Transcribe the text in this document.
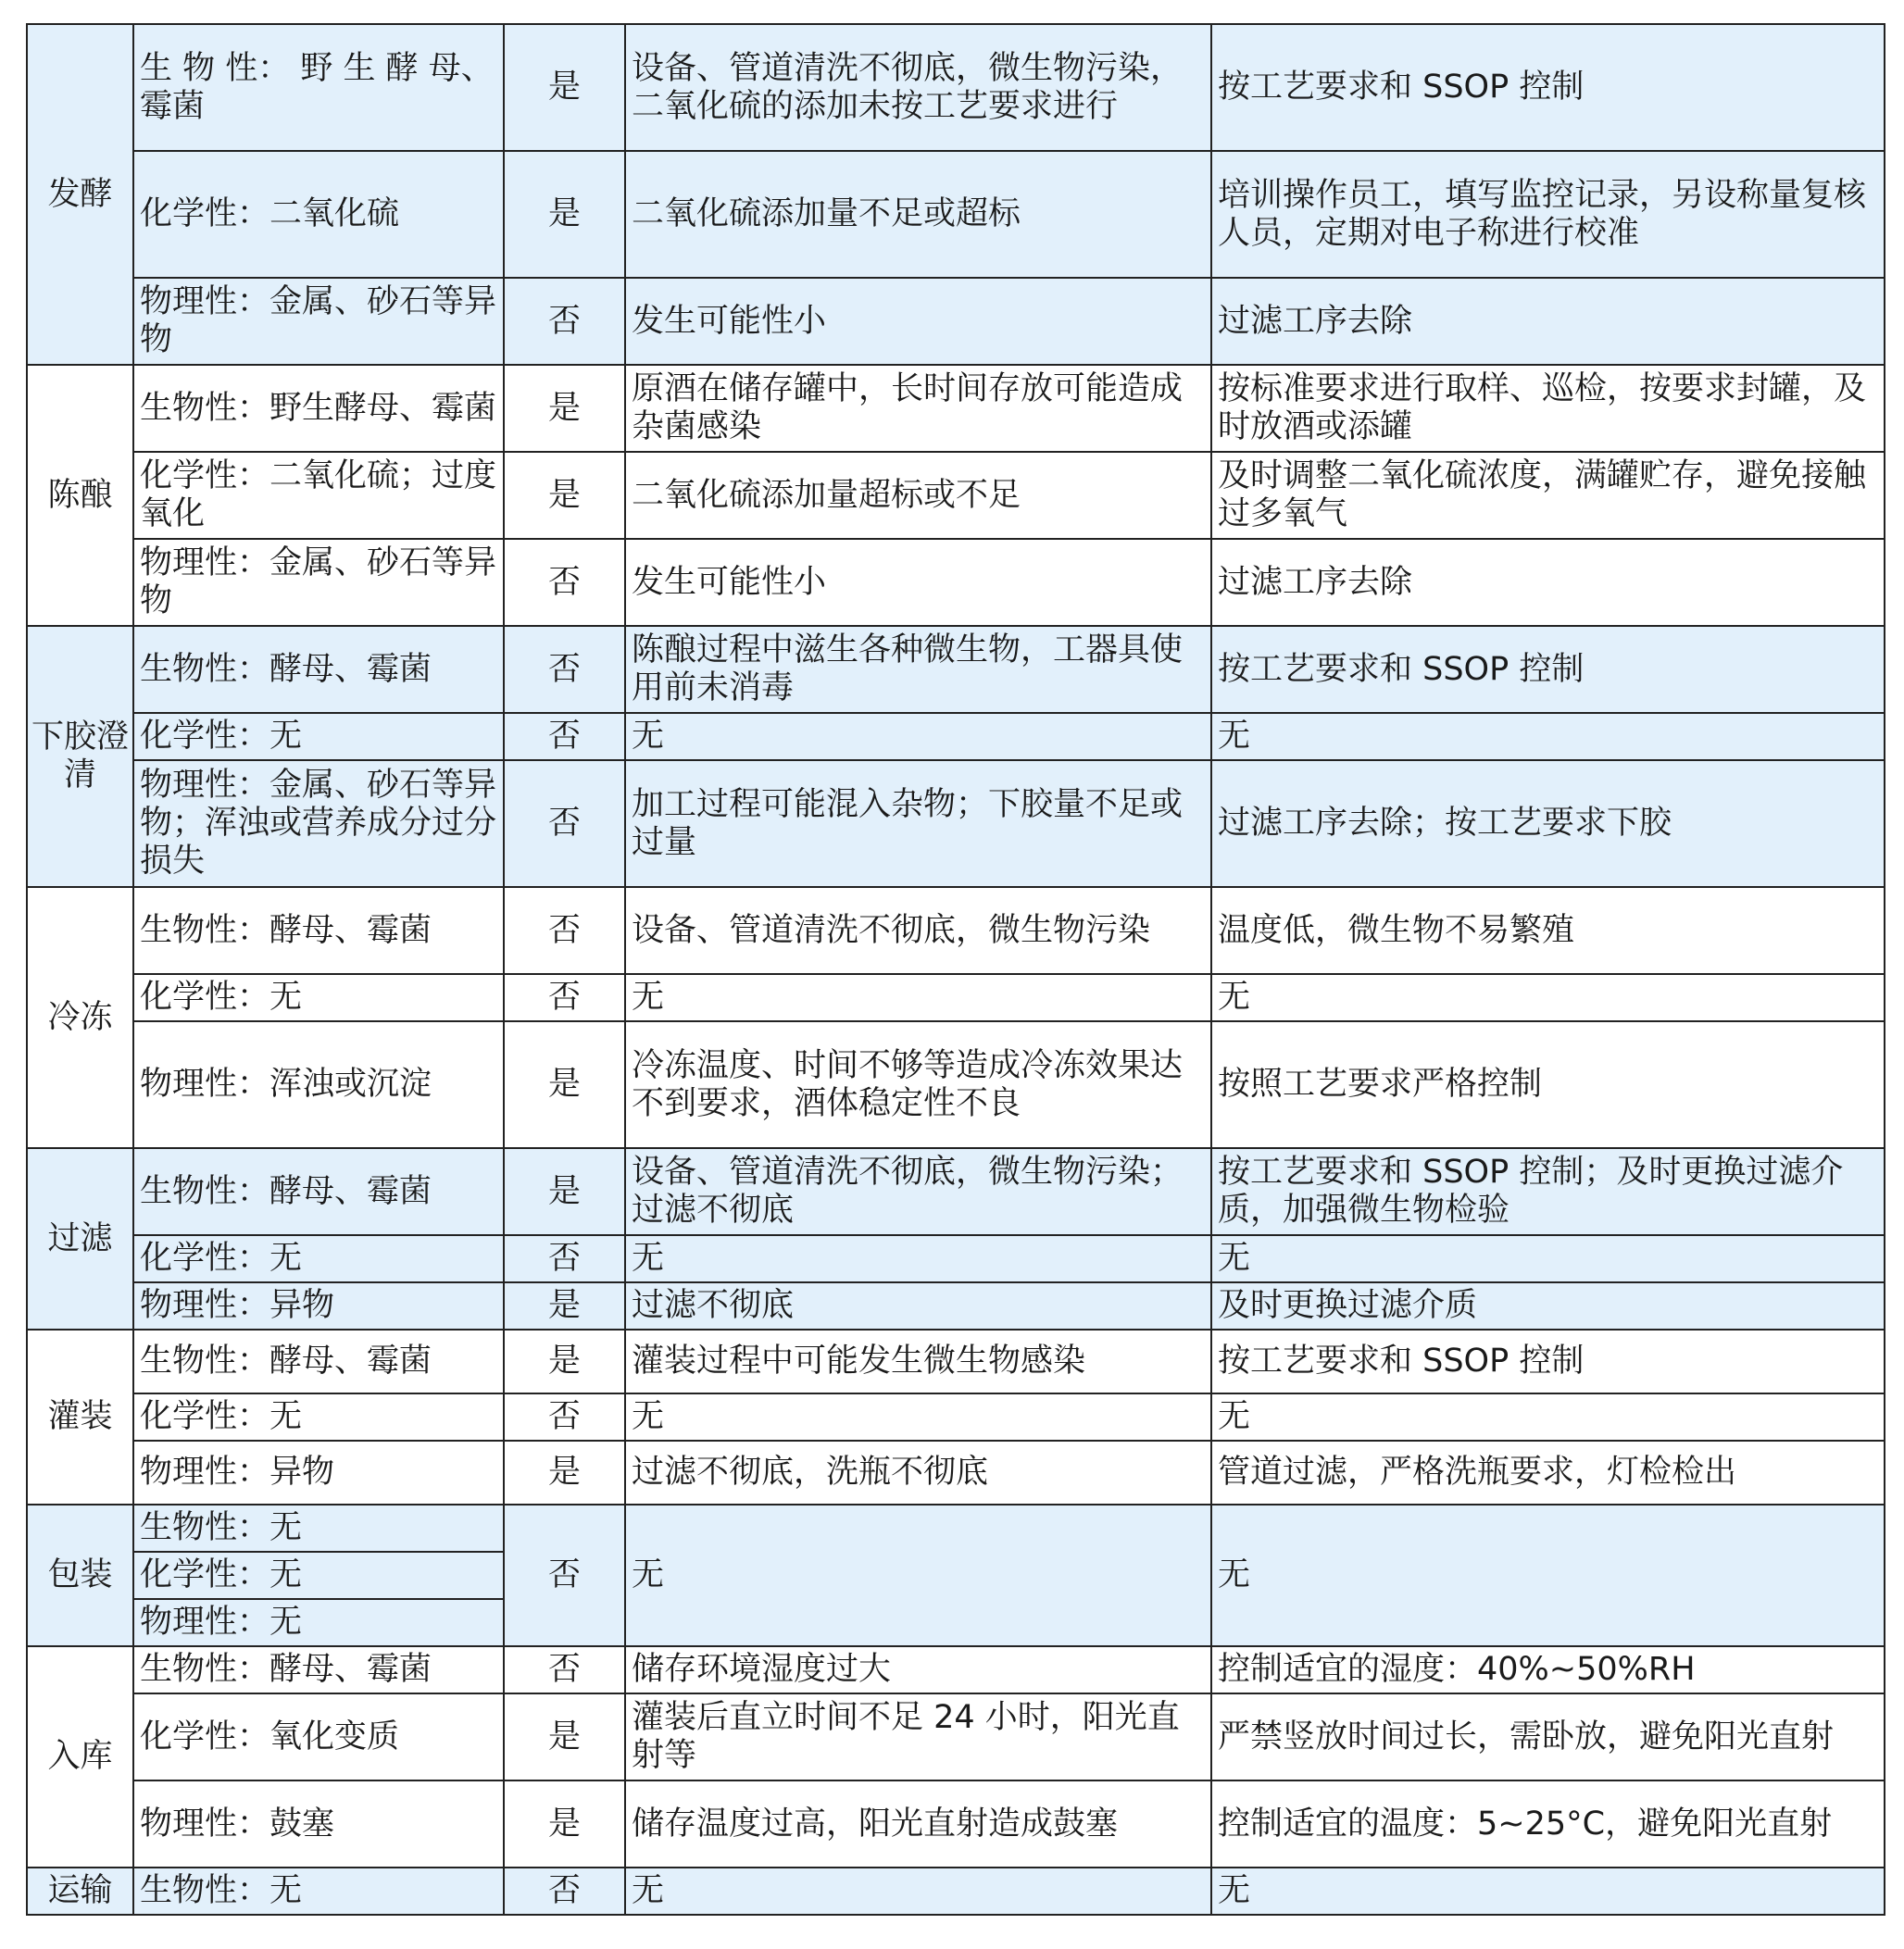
发酵	生 物 性： 野 生 酵 母、霉菌	是	设备、管道清洗不彻底，微生物污染，二氧化硫的添加未按工艺要求进行	按工艺要求和 SSOP 控制
	化学性：二氧化硫	是	二氧化硫添加量不足或超标	培训操作员工，填写监控记录，另设称量复核人员，定期对电子称进行校准
	物理性：金属、砂石等异物	否	发生可能性小	过滤工序去除
陈酿	生物性：野生酵母、霉菌	是	原酒在储存罐中，长时间存放可能造成杂菌感染	按标准要求进行取样、巡检，按要求封罐，及时放酒或添罐
	化学性：二氧化硫；过度氧化	是	二氧化硫添加量超标或不足	及时调整二氧化硫浓度，满罐贮存，避免接触过多氧气
	物理性：金属、砂石等异物	否	发生可能性小	过滤工序去除
下胶澄清	生物性：酵母、霉菌	否	陈酿过程中滋生各种微生物，工器具使用前未消毒	按工艺要求和 SSOP 控制
	化学性：无	否	无	无
	物理性：金属、砂石等异物；浑浊或营养成分过分损失	否	加工过程可能混入杂物；下胶量不足或过量	过滤工序去除；按工艺要求下胶
冷冻	生物性：酵母、霉菌	否	设备、管道清洗不彻底，微生物污染	温度低，微生物不易繁殖
	化学性：无	否	无	无
	物理性：浑浊或沉淀	是	冷冻温度、时间不够等造成冷冻效果达不到要求，酒体稳定性不良	按照工艺要求严格控制
过滤	生物性：酵母、霉菌	是	设备、管道清洗不彻底，微生物污染；过滤不彻底	按工艺要求和 SSOP 控制；及时更换过滤介质，加强微生物检验
	化学性：无	否	无	无
	物理性：异物	是	过滤不彻底	及时更换过滤介质
灌装	生物性：酵母、霉菌	是	灌装过程中可能发生微生物感染	按工艺要求和 SSOP 控制
	化学性：无	否	无	无
	物理性：异物	是	过滤不彻底，洗瓶不彻底	管道过滤，严格洗瓶要求，灯检检出
包装	生物性：无	否	无	无
	化学性：无			
	物理性：无			
入库	生物性：酵母、霉菌	否	储存环境湿度过大	控制适宜的湿度：40%~50%RH
	化学性：氧化变质	是	灌装后直立时间不足 24 小时，阳光直射等	严禁竖放时间过长，需卧放，避免阳光直射
	物理性：鼓塞	是	储存温度过高，阳光直射造成鼓塞	控制适宜的温度：5~25°C，避免阳光直射
运输	生物性：无	否	无	无
